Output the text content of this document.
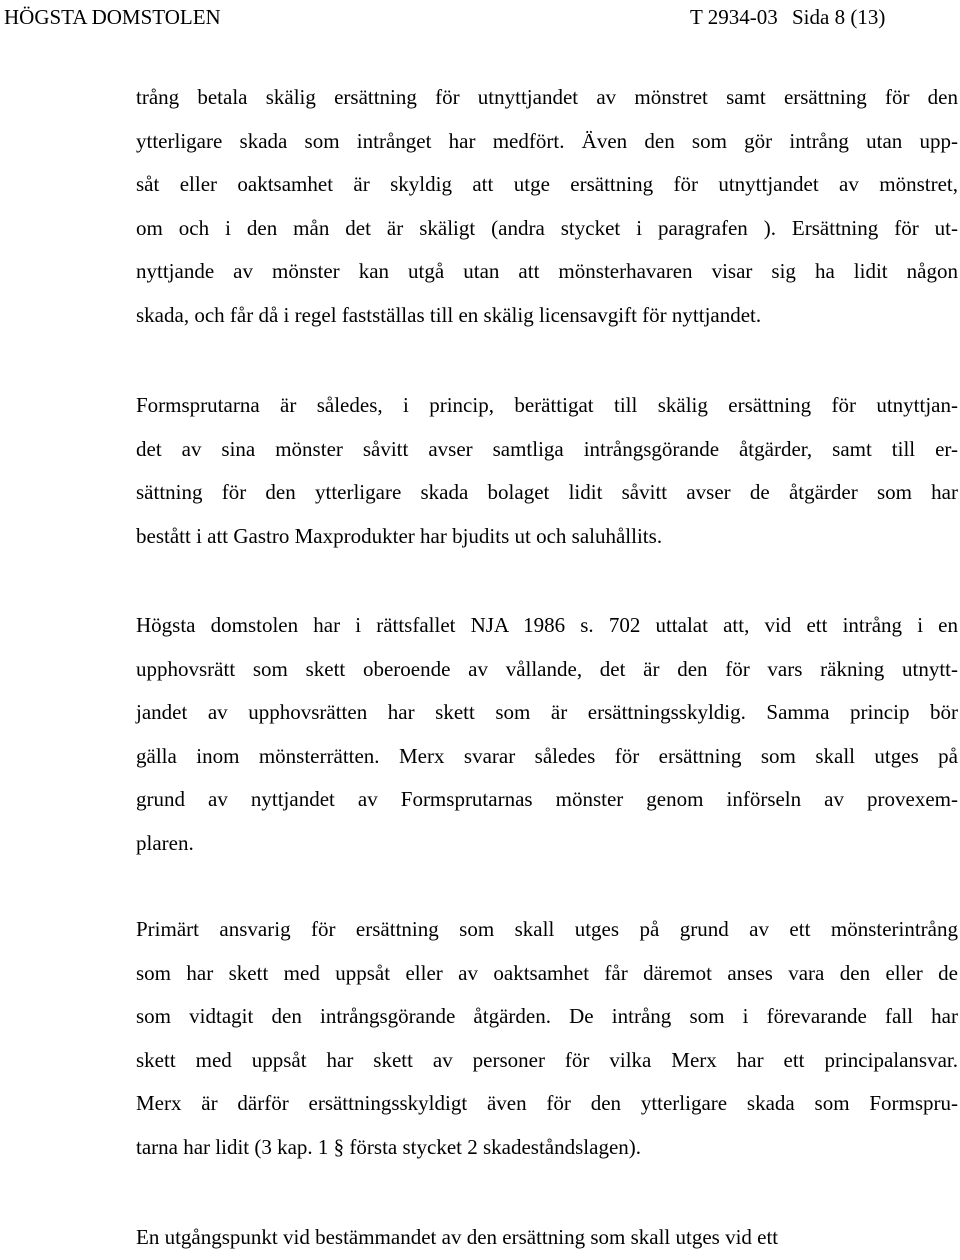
HÖGSTA DOMSTOLEN	T 2934-03 Sida 8 (13)
trång betala skälig ersättning för utnyttjandet av mönstret samt ersättning för den
ytterligare skada som intrånget har medfört. Även den som gör intrång utan upp-
såt eller oaktsamhet är skyldig att utge ersättning för utnyttjandet av mönstret,
om och i den mån det är skäligt (andra stycket i paragrafen ). Ersättning för ut-
nyttjande av mönster kan utgå utan att mönsterhavaren visar sig ha lidit någon
skada, och får då i regel fastställas till en skälig licensavgift för nyttjandet.
Formsprutarna är således, i princip, berättigat till skälig ersättning för utnyttjan-
det av sina mönster såvitt avser samtliga intrångsgörande åtgärder, samt till er-
sättning för den ytterligare skada bolaget lidit såvitt avser de åtgärder som har
bestått i att Gastro Maxprodukter har bjudits ut och saluhållits.
Högsta domstolen har i rättsfallet NJA 1986 s. 702 uttalat att, vid ett intrång i en
upphovsrätt som skett oberoende av vållande, det är den för vars räkning utnytt-
jandet av upphovsrätten har skett som är ersättningsskyldig. Samma princip bör
gälla inom mönsterrätten. Merx svarar således för ersättning som skall utges på
grund av nyttjandet av Formsprutarnas mönster genom införseln av provexem-
plaren.
Primärt ansvarig för ersättning som skall utges på grund av ett mönsterintrång
som har skett med uppsåt eller av oaktsamhet får däremot anses vara den eller de
som vidtagit den intrångsgörande åtgärden. De intrång som i förevarande fall har
skett med uppsåt har skett av personer för vilka Merx har ett principalansvar.
Merx är därför ersättningsskyldigt även för den ytterligare skada som Formspru-
tarna har lidit (3 kap. 1 § första stycket 2 skadeståndslagen).
En utgångspunkt vid bestämmandet av den ersättning som skall utges vid ett
